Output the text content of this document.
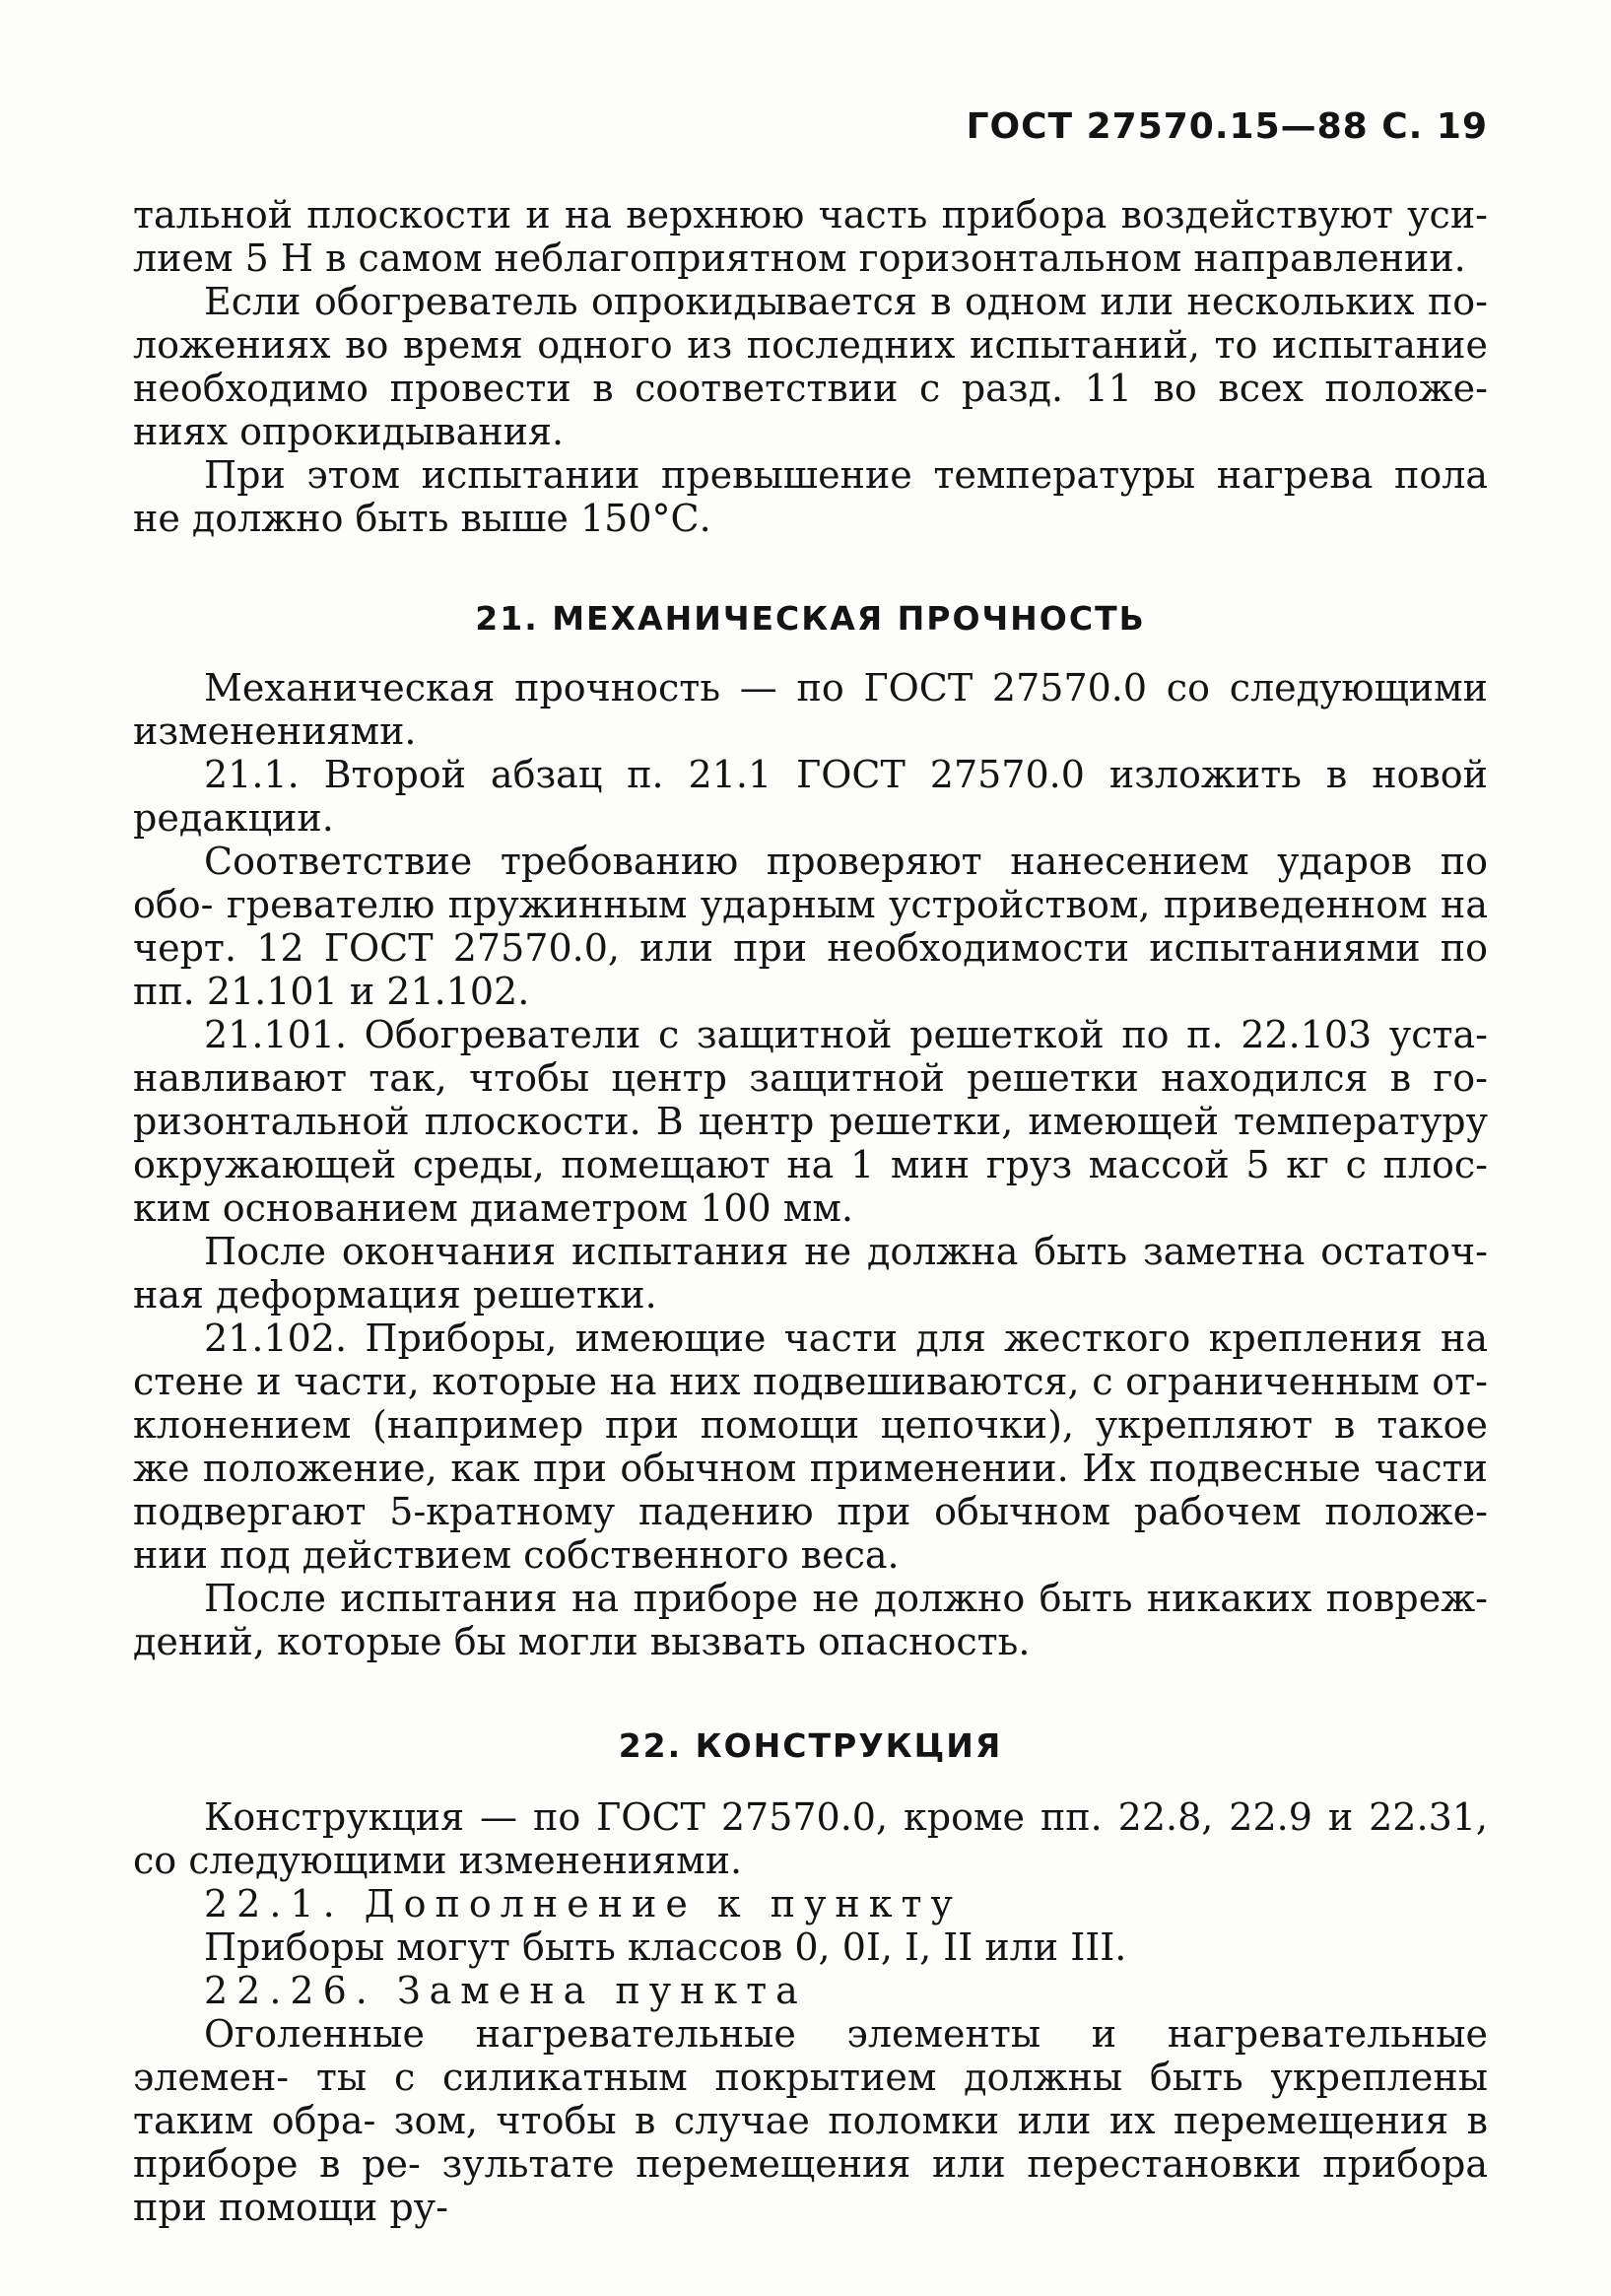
ГОСТ 27570.15—88 С. 19

тальной плоскости и на верхнюю часть прибора воздействуют уси- лием 5 Н в самом неблагоприятном горизонтальном направлении.

Если обогреватель опрокидывается в одном или нескольких по- ложениях во время одного из последних испытаний, то испытание необходимо провести в соответствии с разд. 11 во всех положе- ниях опрокидывания.

При этом испытании превышение температуры нагрева пола не должно быть выше 150°С.

21. МЕХАНИЧЕСКАЯ ПРОЧНОСТЬ

Механическая прочность — по ГОСТ 27570.0 со следующими изменениями.

21.1. Второй абзац п. 21.1 ГОСТ 27570.0 изложить в новой редакции.

Соответствие требованию проверяют нанесением ударов по обо- гревателю пружинным ударным устройством, приведенном на черт. 12 ГОСТ 27570.0, или при необходимости испытаниями по пп. 21.101 и 21.102.

21.101. Обогреватели с защитной решеткой по п. 22.103 уста- навливают так, чтобы центр защитной решетки находился в го- ризонтальной плоскости. В центр решетки, имеющей температуру окружающей среды, помещают на 1 мин груз массой 5 кг с плос- ким основанием диаметром 100 мм.

После окончания испытания не должна быть заметна остаточ- ная деформация решетки.

21.102. Приборы, имеющие части для жесткого крепления на стене и части, которые на них подвешиваются, с ограниченным от- клонением (например при помощи цепочки), укрепляют в такое же положение, как при обычном применении. Их подвесные части подвергают 5-кратному падению при обычном рабочем положе- нии под действием собственного веса.

После испытания на приборе не должно быть никаких повреж- дений, которые бы могли вызвать опасность.

22. КОНСТРУКЦИЯ

Конструкция — по ГОСТ 27570.0, кроме пп. 22.8, 22.9 и 22.31, со следующими изменениями.

22.1. Дополнение к пункту

Приборы могут быть классов 0, 0I, I, II или III.

22.26. Замена пункта

Оголенные нагревательные элементы и нагревательные элемен- ты с силикатным покрытием должны быть укреплены таким обра- зом, чтобы в случае поломки или их перемещения в приборе в ре- зультате перемещения или перестановки прибора при помощи ру-
